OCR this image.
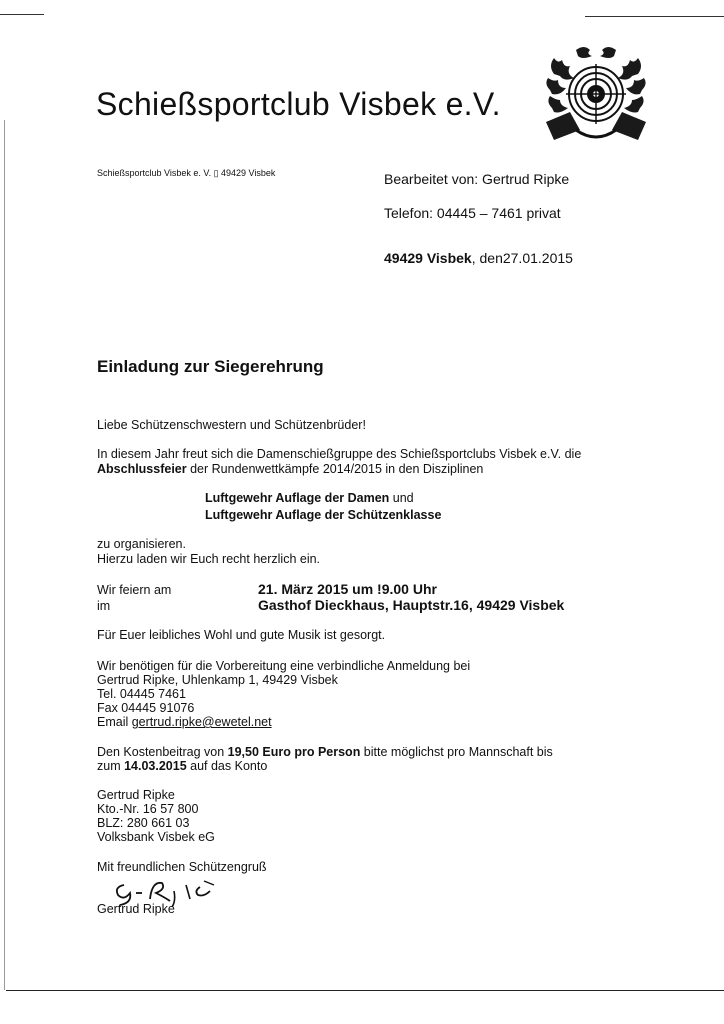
Schießsportclub Visbek e.V.
Schießsportclub Visbek e. V. ▯ 49429 Visbek	Bearbeitet von: Gertrud Ripke
Telefon: 04445 – 7461 privat
49429 Visbek, den27.01.2015
Einladung zur Siegerehrung
Liebe Schützenschwestern und Schützenbrüder!
In diesem Jahr freut sich die Damenschießgruppe des Schießsportclubs Visbek e.V. die
Abschlussfeier der Rundenwettkämpfe 2014/2015 in den Disziplinen
Luftgewehr Auflage der Damen und
Luftgewehr Auflage der Schützenklasse
zu organisieren.
Hierzu laden wir Euch recht herzlich ein.
Wir feiern am	21. März 2015 um !9.00 Uhr
im	Gasthof Dieckhaus, Hauptstr.16, 49429 Visbek
Für Euer leibliches Wohl und gute Musik ist gesorgt.
Wir benötigen für die Vorbereitung eine verbindliche Anmeldung bei
Gertrud Ripke, Uhlenkamp 1, 49429 Visbek
Tel. 04445 7461
Fax 04445 91076
Email gertrud.ripke@ewetel.net
Den Kostenbeitrag von 19,50 Euro pro Person bitte möglichst pro Mannschaft bis
zum 14.03.2015 auf das Konto
Gertrud Ripke
Kto.-Nr. 16 57 800
BLZ: 280 661 03
Volksbank Visbek eG
Mit freundlichen Schützengruß
Gertrud Ripke
